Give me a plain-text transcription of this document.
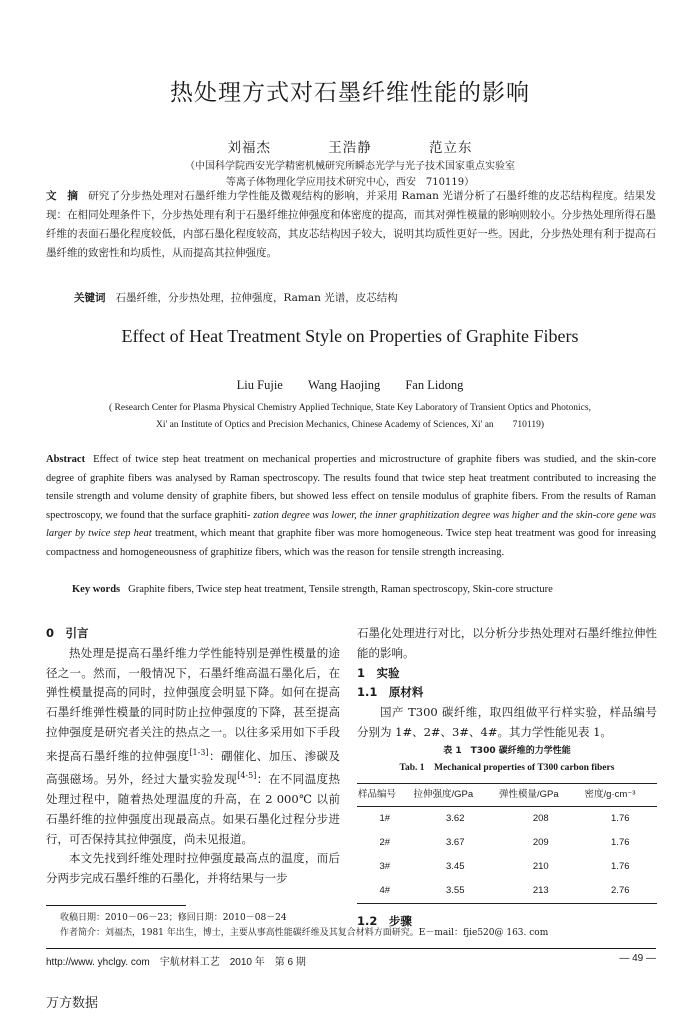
热处理方式对石墨纤维性能的影响
刘福杰	王浩静	范立东
（中国科学院西安光学精密机械研究所瞬态光学与光子技术国家重点实验室
等离子体物理化学应用技术研究中心，西安　710119）
文　摘 研究了分步热处理对石墨纤维力学性能及微观结构的影响，并采用 Raman 光谱分析了石墨纤维的皮芯结构程度。结果发现：在相同处理条件下，分步热处理有利于石墨纤维拉伸强度和体密度的提高，而其对弹性模量的影响则较小。分步热处理所得石墨纤维的表面石墨化程度较低，内部石墨化程度较高，其皮芯结构因子较大，说明其均质性更好一些。因此，分步热处理有利于提高石墨纤维的致密性和均质性，从而提高其拉伸强度。
关键词 石墨纤维，分步热处理，拉伸强度，Raman 光谱，皮芯结构
Effect of Heat Treatment Style on Properties of Graphite Fibers
Liu Fujie Wang Haojing Fan Lidong
( Research Center for Plasma Physical Chemistry Applied Technique, State Key Laboratory of Transient Optics and Photonics,
Xi' an Institute of Optics and Precision Mechanics, Chinese Academy of Sciences, Xi' an　　710119)
Abstract Effect of twice step heat treatment on mechanical properties and microstructure of graphite fibers was studied, and the skin-core degree of graphite fibers was analysed by Raman spectroscopy. The results found that twice step heat treatment contributed to increasing the tensile strength and volume density of graphite fibers, but showed less effect on tensile modulus of graphite fibers. From the results of Raman spectroscopy, we found that the surface graphiti- zation degree was lower, the inner graphitization degree was higher and the skin-core gene was larger by twice step heat treatment, which meant that graphite fiber was more homogeneous. Twice step heat treatment was good for inreasing compactness and homogeneousness of graphitize fibers, which was the reason for tensile strength increasing.
Key words Graphite fibers, Twice step heat treatment, Tensile strength, Raman spectroscopy, Skin-core structure
0　引言

热处理是提高石墨纤维力学性能特别是弹性模量的途径之一。然而，一般情况下，石墨纤维高温石墨化后，在弹性模量提高的同时，拉伸强度会明显下降。如何在提高石墨纤维弹性模量的同时防止拉伸强度的下降，甚至提高拉伸强度是研究者关注的热点之一。以往多采用如下手段来提高石墨纤维的拉伸强度[1-3]：硼催化、加压、渗碳及高强磁场。另外，经过大量实验发现[4-5]：在不同温度热处理过程中，随着热处理温度的升高，在 2 000℃ 以前石墨纤维的拉伸强度出现最高点。如果石墨化过程分步进行，可否保持其拉伸强度，尚未见报道。

本文先找到纤维处理时拉伸强度最高点的温度，而后分两步完成石墨纤维的石墨化，并将结果与一步

石墨化处理进行对比，以分析分步热处理对石墨纤维拉伸性能的影响。

1　实验
1.1　原材料

国产 T300 碳纤维，取四组做平行样实验，样品编号分别为 1#、2#、3#、4#。其力学性能见表 1。

表 1　T300 碳纤维的力学性能
Tab. 1　Mechanical properties of T300 carbon fibers
样品编号	拉伸强度/GPa	弹性模量/GPa	密度/g·cm⁻³
1#	3.62	208	1.76
2#	3.67	209	1.76
3#	3.45	210	1.76
4#	3.55	213	2.76
1.2　步骤
收稿日期：2010－06－23；修回日期：2010－08－24
作者简介：刘福杰，1981 年出生，博士，主要从事高性能碳纤维及其复合材料方面研究。E－mail：fjie520@ 163. com
http://www. yhclgy. com　宇航材料工艺　2010 年　第 6 期	— 49 —
万方数据
